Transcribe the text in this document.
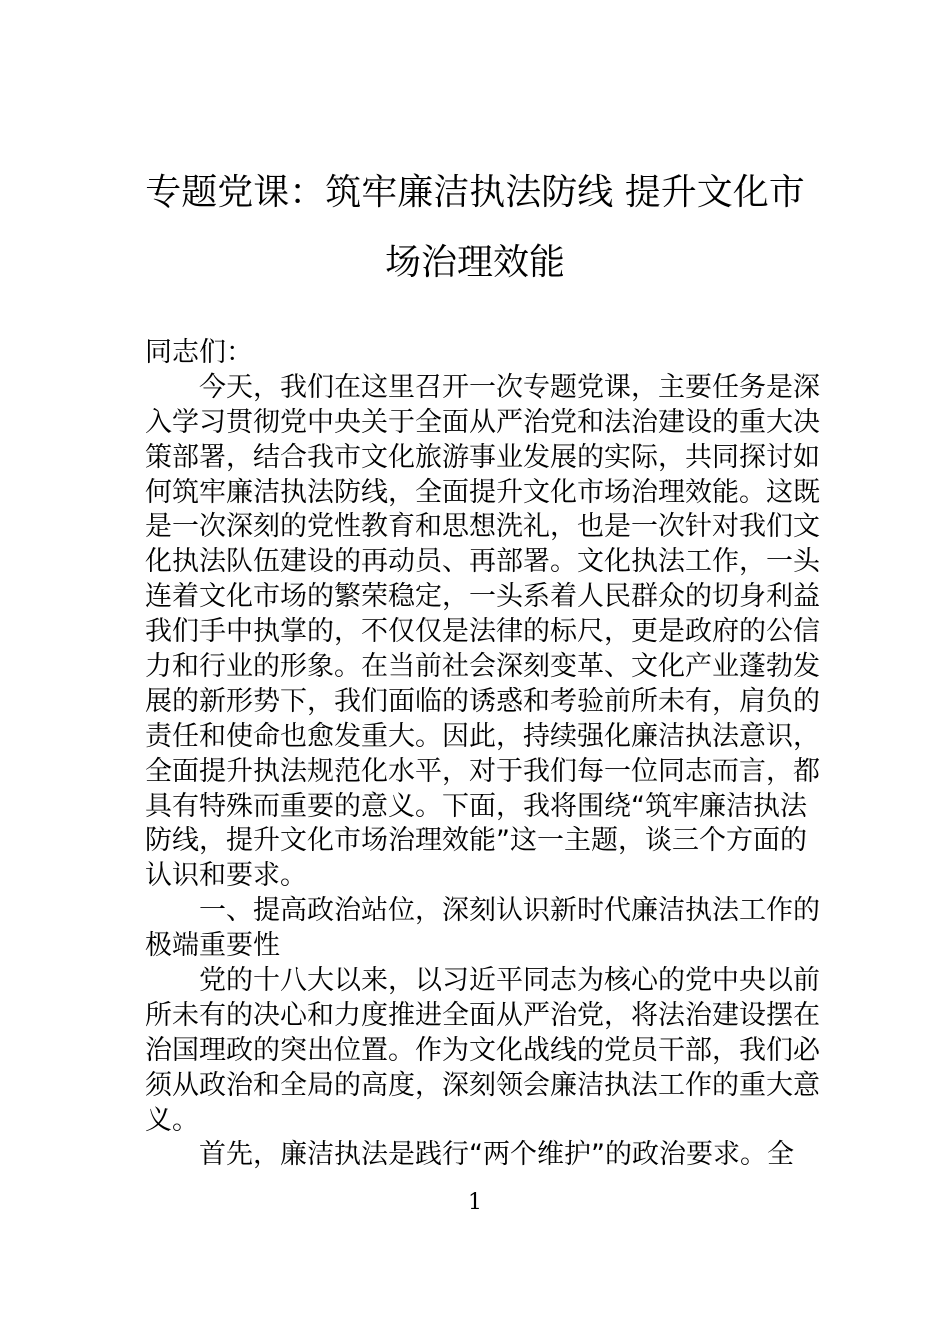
专题党课：筑牢廉洁执法防线 提升文化市
场治理效能
同志们：
今天，我们在这里召开一次专题党课，主要任务是深
入学习贯彻党中央关于全面从严治党和法治建设的重大决
策部署，结合我市文化旅游事业发展的实际，共同探讨如
何筑牢廉洁执法防线，全面提升文化市场治理效能。这既
是一次深刻的党性教育和思想洗礼，也是一次针对我们文
化执法队伍建设的再动员、再部署。文化执法工作，一头
连着文化市场的繁荣稳定，一头系着人民群众的切身利益
我们手中执掌的，不仅仅是法律的标尺，更是政府的公信
力和行业的形象。在当前社会深刻变革、文化产业蓬勃发
展的新形势下，我们面临的诱惑和考验前所未有，肩负的
责任和使命也愈发重大。因此，持续强化廉洁执法意识，
全面提升执法规范化水平，对于我们每一位同志而言，都
具有特殊而重要的意义。下面，我将围绕“筑牢廉洁执法
防线，提升文化市场治理效能”这一主题，谈三个方面的
认识和要求。
一、提高政治站位，深刻认识新时代廉洁执法工作的
极端重要性
党的十八大以来，以习近平同志为核心的党中央以前
所未有的决心和力度推进全面从严治党，将法治建设摆在
治国理政的突出位置。作为文化战线的党员干部，我们必
须从政治和全局的高度，深刻领会廉洁执法工作的重大意
义。
首先，廉洁执法是践行“两个维护”的政治要求。全
1
